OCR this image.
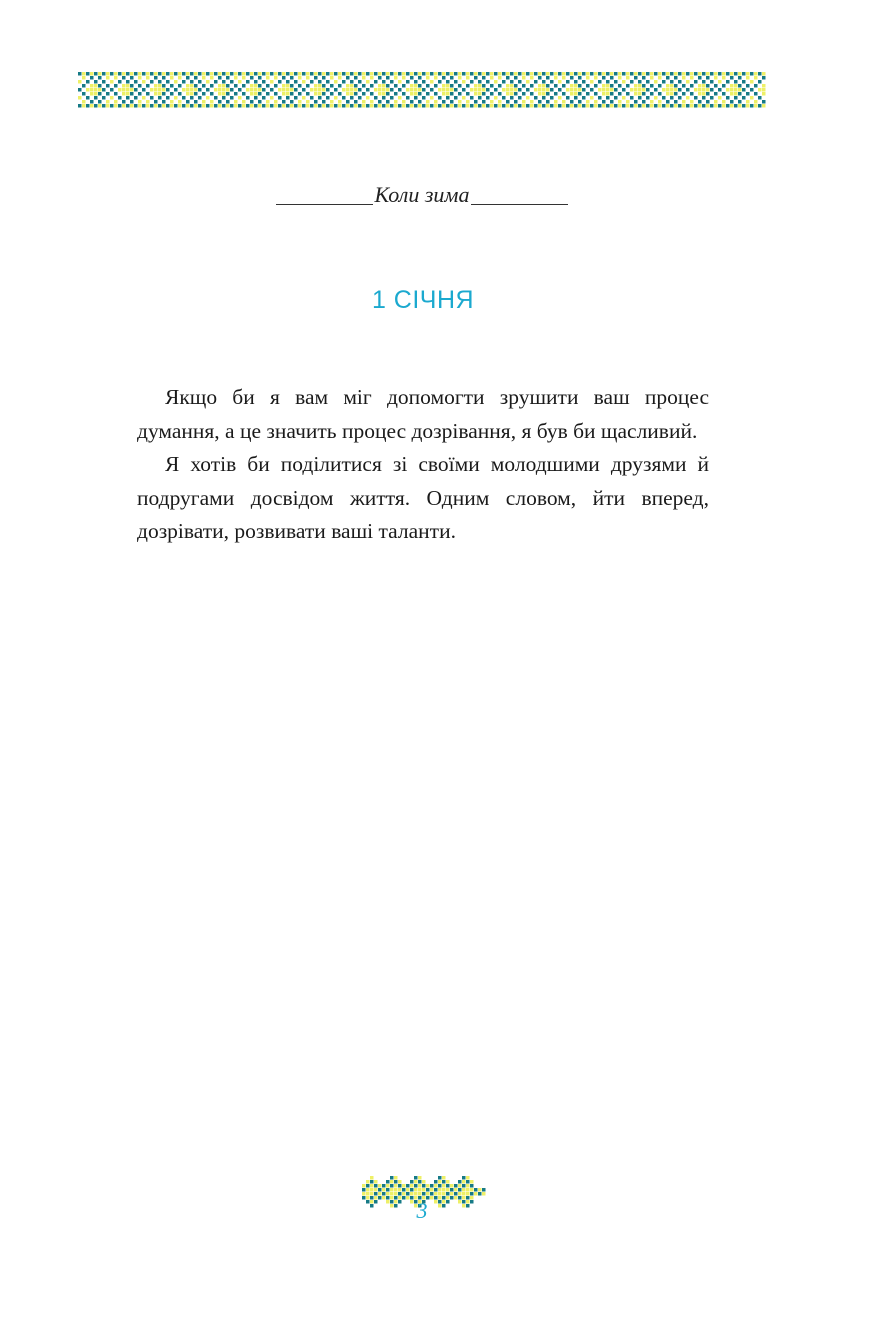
Коли зима
1 СІЧНЯ

Якщо би я вам міг допомогти зрушити ваш процес думання, а це значить процес дозрівання, я був би щасливий.

Я хотів би поділитися зі своїми молодшими друзями й подругами досвідом життя. Одним словом, йти вперед, дозрівати, розвивати ваші таланти.

3
